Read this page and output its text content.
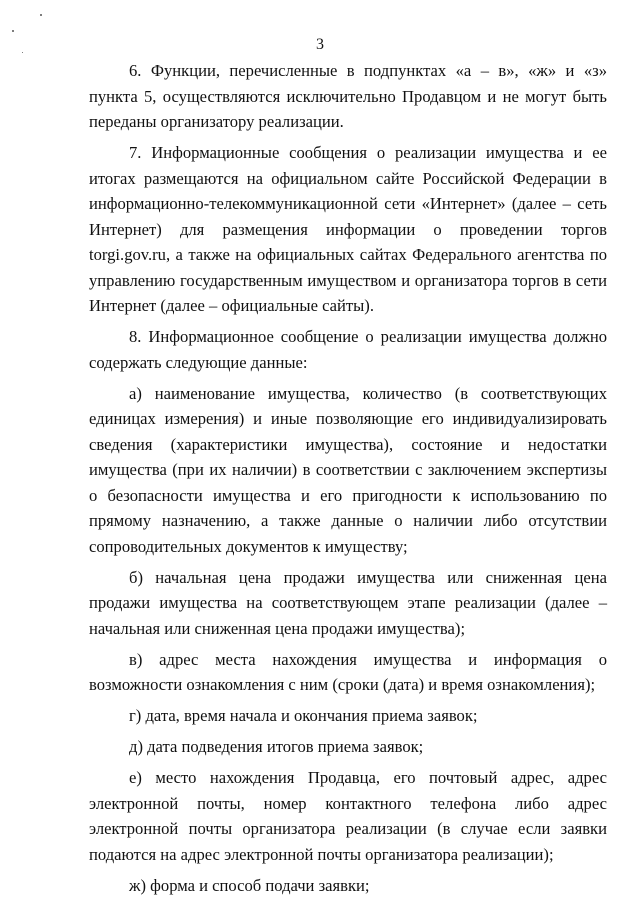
3

6. Функции, перечисленные в подпунктах «а – в», «ж» и «з» пункта 5, осуществляются исключительно Продавцом и не могут быть переданы организатору реализации.

7. Информационные сообщения о реализации имущества и ее итогах размещаются на официальном сайте Российской Федерации в информационно-телекоммуникационной сети «Интернет» (далее – сеть Интернет) для размещения информации о проведении торгов torgi.gov.ru, а также на официальных сайтах Федерального агентства по управлению государственным имуществом и организатора торгов в сети Интернет (далее – официальные сайты).

8. Информационное сообщение о реализации имущества должно содержать следующие данные:

а) наименование имущества, количество (в соответствующих единицах измерения) и иные позволяющие его индивидуализировать сведения (характеристики имущества), состояние и недостатки имущества (при их наличии) в соответствии с заключением экспертизы о безопасности имущества и его пригодности к использованию по прямому назначению, а также данные о наличии либо отсутствии сопроводительных документов к имуществу;

б) начальная цена продажи имущества или сниженная цена продажи имущества на соответствующем этапе реализации (далее – начальная или сниженная цена продажи имущества);

в) адрес места нахождения имущества и информация о возможности ознакомления с ним (сроки (дата) и время ознакомления);

г) дата, время начала и окончания приема заявок;

д) дата подведения итогов приема заявок;

е) место нахождения Продавца, его почтовый адрес, адрес электронной почты, номер контактного телефона либо адрес электронной почты организатора реализации (в случае если заявки подаются на адрес электронной почты организатора реализации);

ж) форма и способ подачи заявки;
